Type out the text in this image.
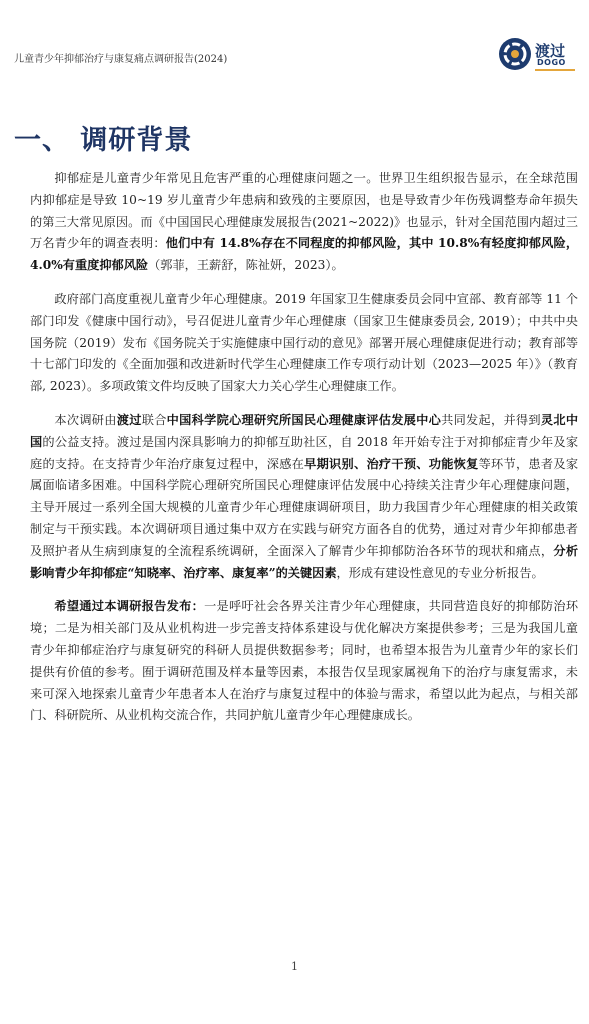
儿童青少年抑郁治疗与康复痛点调研报告(2024)	渡过
DOGO
一、 调研背景

抑郁症是儿童青少年常见且危害严重的心理健康问题之一。世界卫生组织报告显示，在全球范围内抑郁症是导致 10~19 岁儿童青少年患病和致残的主要原因，也是导致青少年伤残调整寿命年损失的第三大常见原因。而《中国国民心理健康发展报告(2021~2022)》也显示，针对全国范围内超过三万名青少年的调查表明：他们中有 14.8%存在不同程度的抑郁风险，其中 10.8%有轻度抑郁风险，4.0%有重度抑郁风险（郭菲，王薪舒，陈祉妍，2023）。

政府部门高度重视儿童青少年心理健康。2019 年国家卫生健康委员会同中宣部、教育部等 11 个部门印发《健康中国行动》，号召促进儿童青少年心理健康（国家卫生健康委员会, 2019）；中共中央国务院（2019）发布《国务院关于实施健康中国行动的意见》部署开展心理健康促进行动；教育部等十七部门印发的《全面加强和改进新时代学生心理健康工作专项行动计划（2023—2025 年）》（教育部, 2023）。多项政策文件均反映了国家大力关心学生心理健康工作。

本次调研由渡过联合中国科学院心理研究所国民心理健康评估发展中心共同发起，并得到灵北中国的公益支持。渡过是国内深具影响力的抑郁互助社区，自 2018 年开始专注于对抑郁症青少年及家庭的支持。在支持青少年治疗康复过程中，深感在早期识别、治疗干预、功能恢复等环节，患者及家属面临诸多困难。中国科学院心理研究所国民心理健康评估发展中心持续关注青少年心理健康问题，主导开展过一系列全国大规模的儿童青少年心理健康调研项目，助力我国青少年心理健康的相关政策制定与干预实践。本次调研项目通过集中双方在实践与研究方面各自的优势，通过对青少年抑郁患者及照护者从生病到康复的全流程系统调研，全面深入了解青少年抑郁防治各环节的现状和痛点，分析影响青少年抑郁症“知晓率、治疗率、康复率”的关键因素，形成有建设性意见的专业分析报告。

希望通过本调研报告发布：一是呼吁社会各界关注青少年心理健康，共同营造良好的抑郁防治环境；二是为相关部门及从业机构进一步完善支持体系建设与优化解决方案提供参考；三是为我国儿童青少年抑郁症治疗与康复研究的科研人员提供数据参考；同时，也希望本报告为儿童青少年的家长们提供有价值的参考。囿于调研范围及样本量等因素，本报告仅呈现家属视角下的治疗与康复需求，未来可深入地探索儿童青少年患者本人在治疗与康复过程中的体验与需求，希望以此为起点，与相关部门、科研院所、从业机构交流合作，共同护航儿童青少年心理健康成长。

1
